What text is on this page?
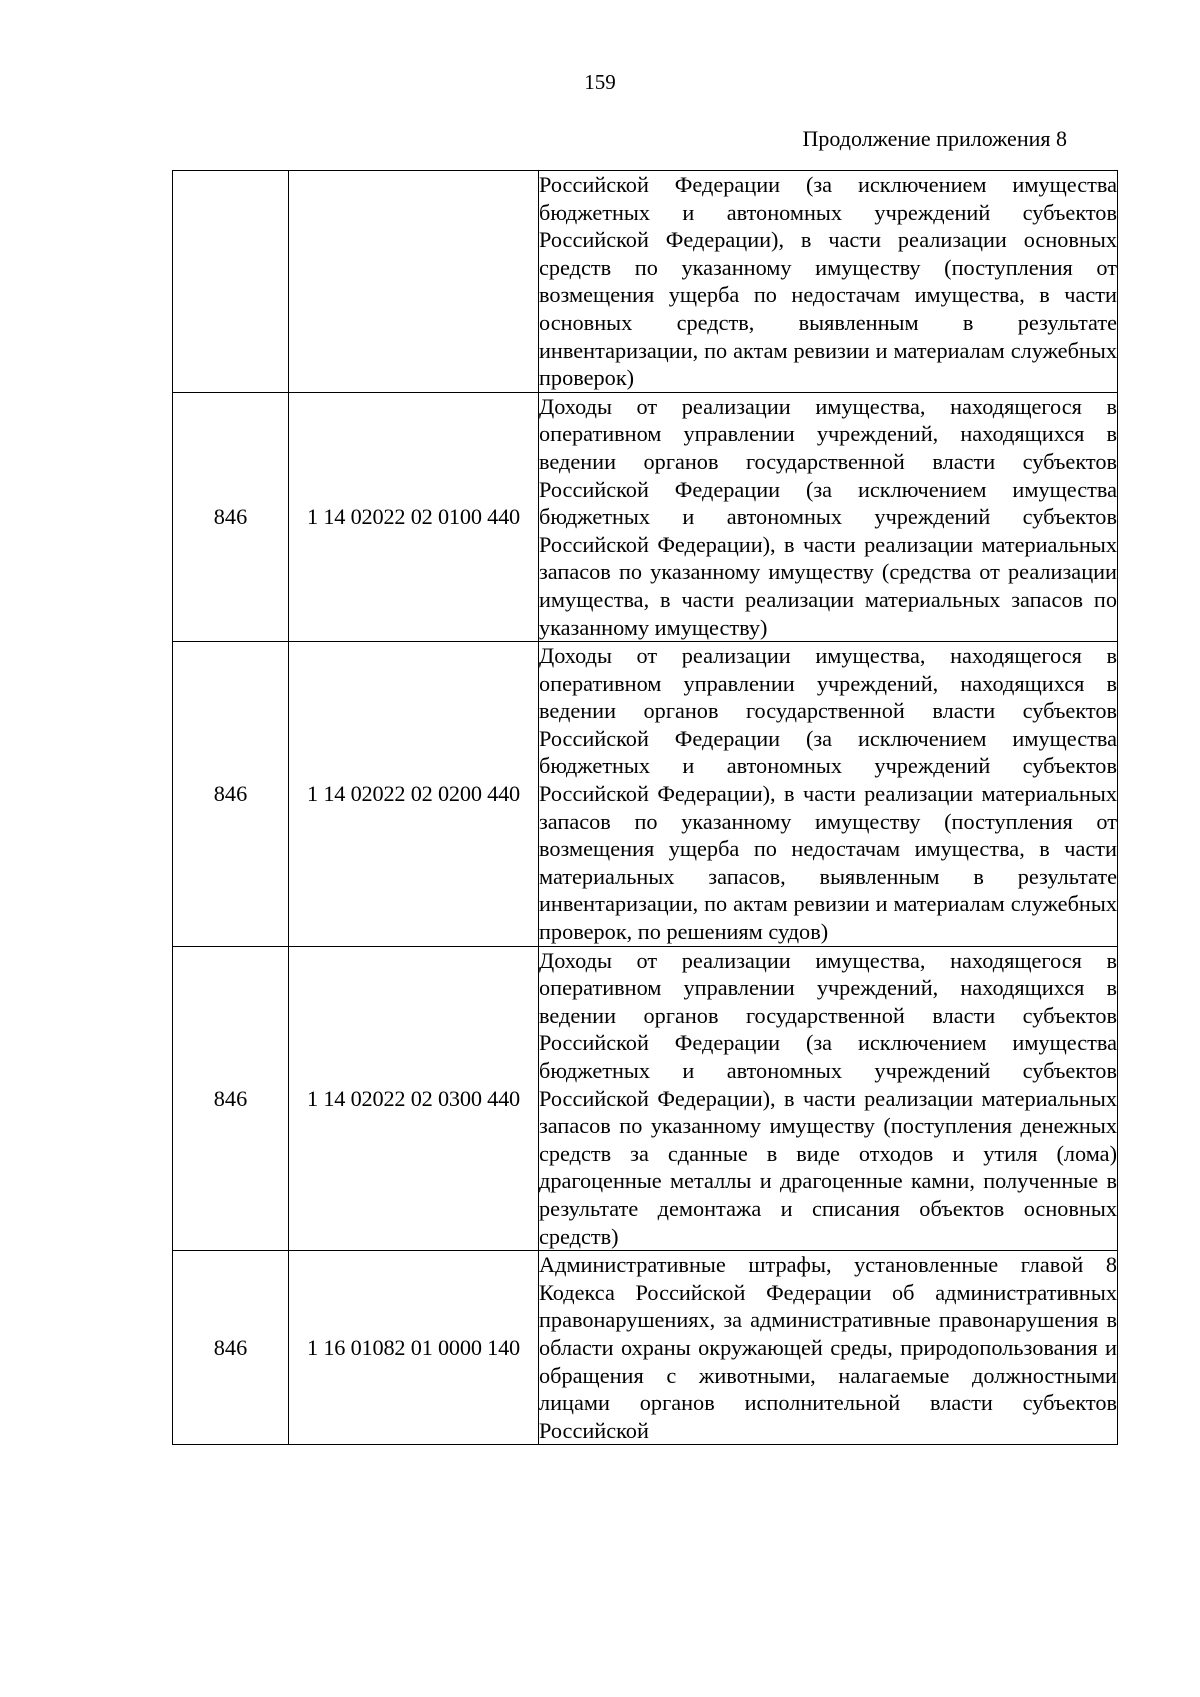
159
Продолжение приложения 8
		Российской Федерации (за исключением имущества бюджетных и автономных учреждений субъектов Российской Федерации), в части реализации основных средств по указанному имуществу (поступления от возмещения ущерба по недостачам имущества, в части основных средств, выявленным в результате инвентаризации, по актам ревизии и материалам служебных проверок)
846	1 14 02022 02 0100 440	Доходы от реализации имущества, находящегося в оперативном управлении учреждений, находящихся в ведении органов государственной власти субъектов Российской Федерации (за исключением имущества бюджетных и автономных учреждений субъектов Российской Федерации), в части реализации материальных запасов по указанному имуществу (средства от реализации имущества, в части реализации материальных запасов по указанному имуществу)
846	1 14 02022 02 0200 440	Доходы от реализации имущества, находящегося в оперативном управлении учреждений, находящихся в ведении органов государственной власти субъектов Российской Федерации (за исключением имущества бюджетных и автономных учреждений субъектов Российской Федерации), в части реализации материальных запасов по указанному имуществу (поступления от возмещения ущерба по недостачам имущества, в части материальных запасов, выявленным в результате инвентаризации, по актам ревизии и материалам служебных проверок, по решениям судов)
846	1 14 02022 02 0300 440	Доходы от реализации имущества, находящегося в оперативном управлении учреждений, находящихся в ведении органов государственной власти субъектов Российской Федерации (за исключением имущества бюджетных и автономных учреждений субъектов Российской Федерации), в части реализации материальных запасов по указанному имуществу (поступления денежных средств за сданные в виде отходов и утиля (лома) драгоценные металлы и драгоценные камни, полученные в результате демонтажа и списания объектов основных средств)
846	1 16 01082 01 0000 140	Административные штрафы, установленные главой 8 Кодекса Российской Федерации об административных правонарушениях, за административные правонарушения в области охраны окружающей среды, природопользования и обращения с животными, налагаемые должностными лицами органов исполнительной власти субъектов Российской
